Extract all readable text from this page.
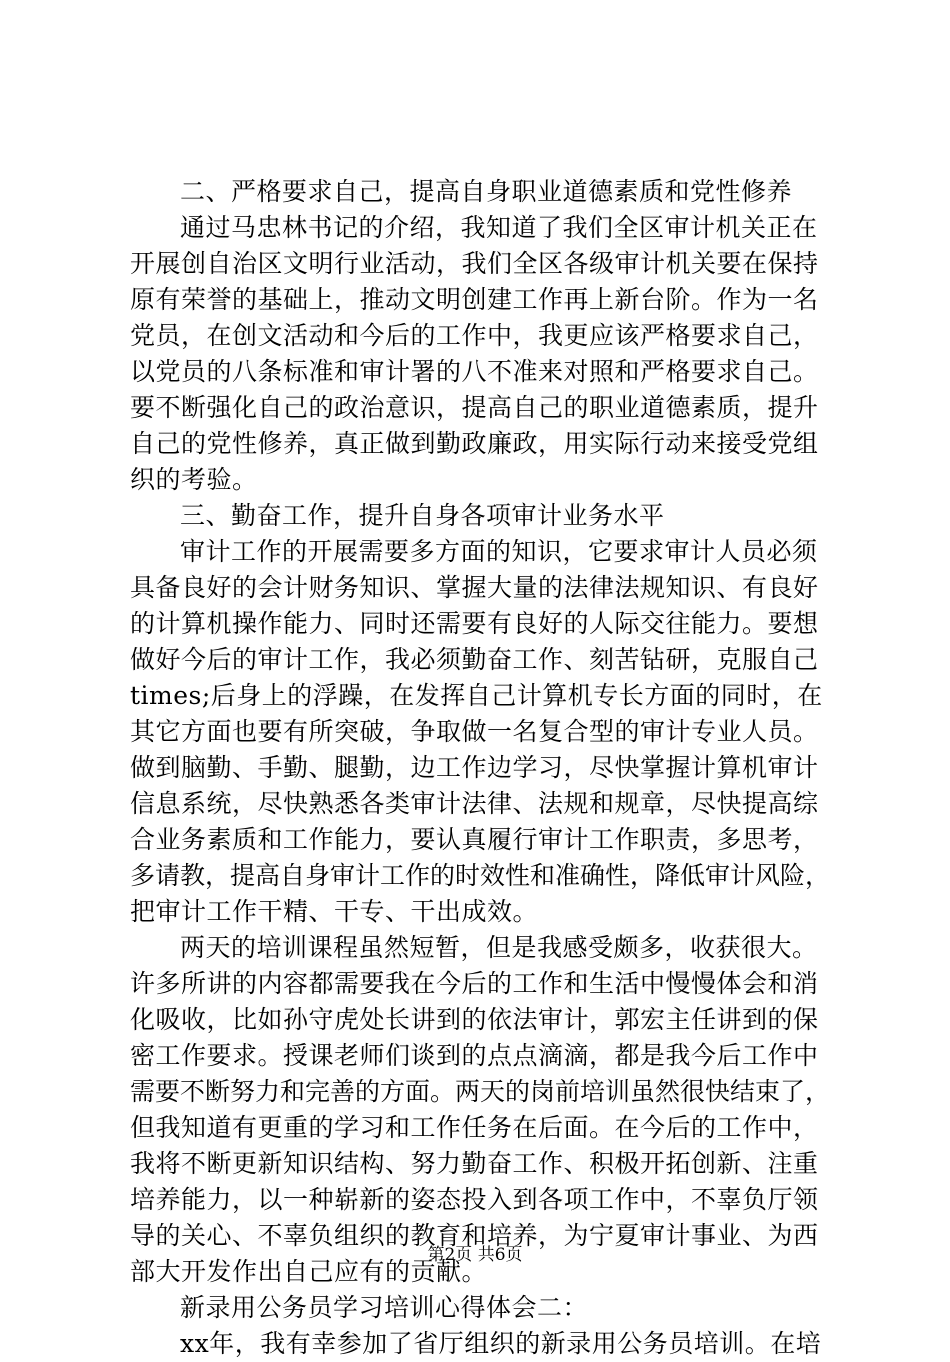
二、严格要求自己，提高自身职业道德素质和党性修养
通过马忠林书记的介绍，我知道了我们全区审计机关正在
开展创自治区文明行业活动，我们全区各级审计机关要在保持
原有荣誉的基础上，推动文明创建工作再上新台阶。作为一名
党员，在创文活动和今后的工作中，我更应该严格要求自己，
以党员的八条标准和审计署的八不准来对照和严格要求自己。
要不断强化自己的政治意识，提高自己的职业道德素质，提升
自己的党性修养，真正做到勤政廉政，用实际行动来接受党组
织的考验。
三、勤奋工作，提升自身各项审计业务水平
审计工作的开展需要多方面的知识，它要求审计人员必须
具备良好的会计财务知识、掌握大量的法律法规知识、有良好
的计算机操作能力、同时还需要有良好的人际交往能力。要想
做好今后的审计工作，我必须勤奋工作、刻苦钻研，克服自己
times;后身上的浮躁，在发挥自己计算机专长方面的同时，在
其它方面也要有所突破，争取做一名复合型的审计专业人员。
做到脑勤、手勤、腿勤，边工作边学习，尽快掌握计算机审计
信息系统，尽快熟悉各类审计法律、法规和规章，尽快提高综
合业务素质和工作能力，要认真履行审计工作职责，多思考，
多请教，提高自身审计工作的时效性和准确性，降低审计风险，
把审计工作干精、干专、干出成效。
两天的培训课程虽然短暂，但是我感受颇多，收获很大。
许多所讲的内容都需要我在今后的工作和生活中慢慢体会和消
化吸收，比如孙守虎处长讲到的依法审计，郭宏主任讲到的保
密工作要求。授课老师们谈到的点点滴滴，都是我今后工作中
需要不断努力和完善的方面。两天的岗前培训虽然很快结束了，
但我知道有更重的学习和工作任务在后面。在今后的工作中，
我将不断更新知识结构、努力勤奋工作、积极开拓创新、注重
培养能力，以一种崭新的姿态投入到各项工作中，不辜负厅领
导的关心、不辜负组织的教育和培养，为宁夏审计事业、为西
部大开发作出自己应有的贡献。
新录用公务员学习培训心得体会二：
xx年，我有幸参加了省厅组织的新录用公务员培训。在培
第2页 共6页
